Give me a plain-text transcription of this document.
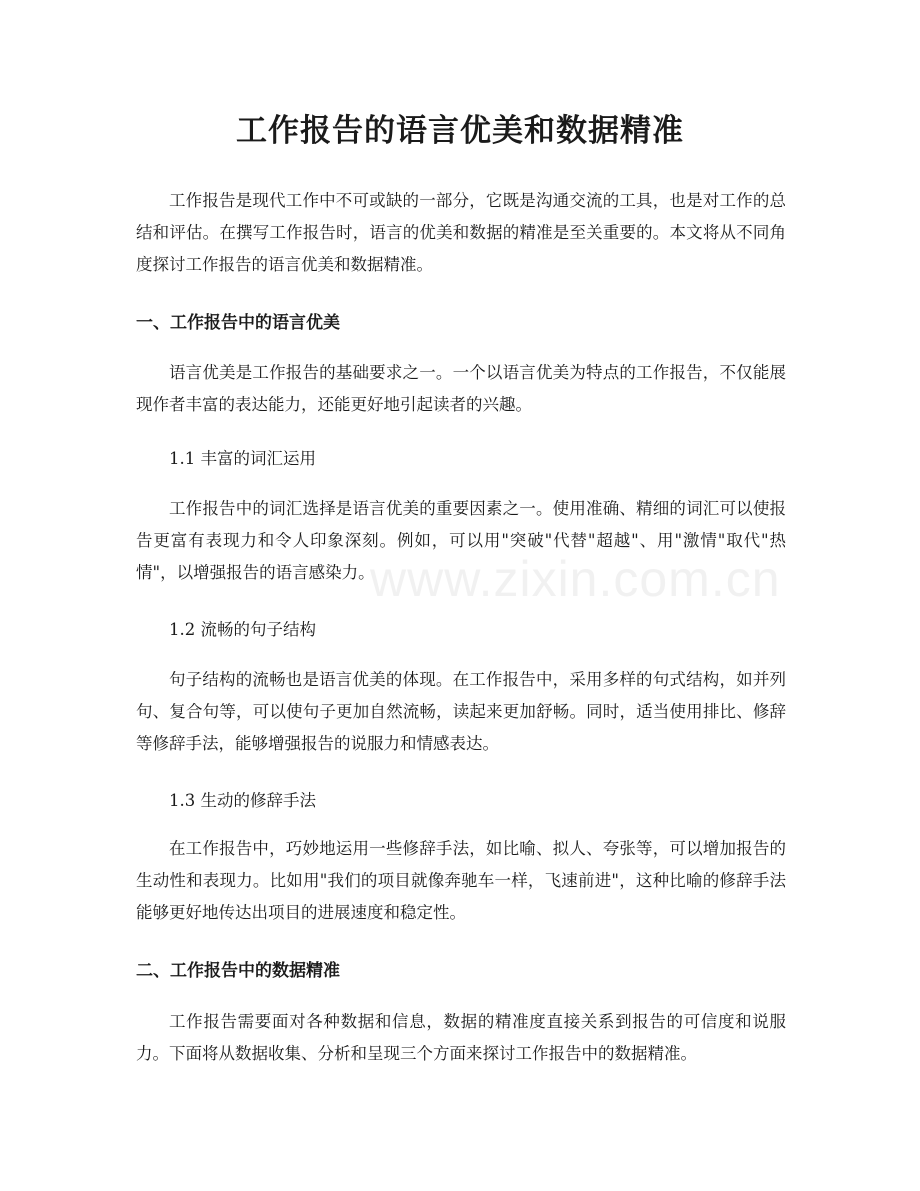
工作报告的语言优美和数据精准

工作报告是现代工作中不可或缺的一部分，它既是沟通交流的工具，也是对工作的总结和评估。在撰写工作报告时，语言的优美和数据的精准是至关重要的。本文将从不同角度探讨工作报告的语言优美和数据精准。

一、工作报告中的语言优美

语言优美是工作报告的基础要求之一。一个以语言优美为特点的工作报告，不仅能展现作者丰富的表达能力，还能更好地引起读者的兴趣。

1.1 丰富的词汇运用

工作报告中的词汇选择是语言优美的重要因素之一。使用准确、精细的词汇可以使报告更富有表现力和令人印象深刻。例如，可以用"突破"代替"超越"、用"激情"取代"热情"，以增强报告的语言感染力。

1.2 流畅的句子结构

句子结构的流畅也是语言优美的体现。在工作报告中，采用多样的句式结构，如并列句、复合句等，可以使句子更加自然流畅，读起来更加舒畅。同时，适当使用排比、修辞等修辞手法，能够增强报告的说服力和情感表达。

1.3 生动的修辞手法

在工作报告中，巧妙地运用一些修辞手法，如比喻、拟人、夸张等，可以增加报告的生动性和表现力。比如用"我们的项目就像奔驰车一样，飞速前进"，这种比喻的修辞手法能够更好地传达出项目的进展速度和稳定性。

二、工作报告中的数据精准

工作报告需要面对各种数据和信息，数据的精准度直接关系到报告的可信度和说服力。下面将从数据收集、分析和呈现三个方面来探讨工作报告中的数据精准。

www.zixin.com.cn
